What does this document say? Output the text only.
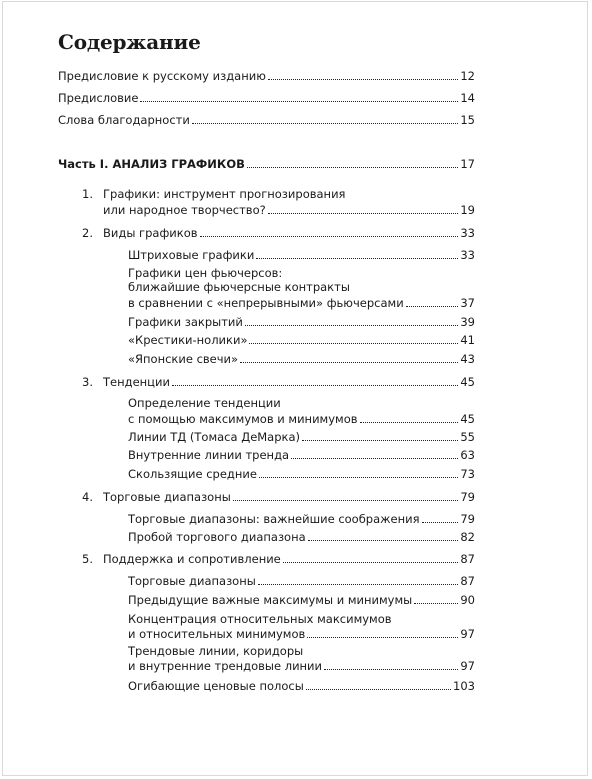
Содержание
Предисловие к русскому изданию	12
Предисловие	14
Слова благодарности	15
Часть I. АНАЛИЗ ГРАФИКОВ	17
1. Графики: инструмент прогнозирования
или народное творчество?	19
2. Виды графиков	33
Штриховые графики	33
Графики цен фьючерсов:
ближайшие фьючерсные контракты
в сравнении с «непрерывными» фьючерсами	37
Графики закрытий	39
«Крестики-нолики»	41
«Японские свечи»	43
3. Тенденции	45
Определение тенденции
с помощью максимумов и минимумов	45
Линии ТД (Томаса ДеМарка)	55
Внутренние линии тренда	63
Скользящие средние	73
4. Торговые диапазоны	79
Торговые диапазоны: важнейшие соображения	79
Пробой торгового диапазона	82
5. Поддержка и сопротивление	87
Торговые диапазоны	87
Предыдущие важные максимумы и минимумы	90
Концентрация относительных максимумов
и относительных минимумов	97
Трендовые линии, коридоры
и внутренние трендовые линии	97
Огибающие ценовые полосы	103
